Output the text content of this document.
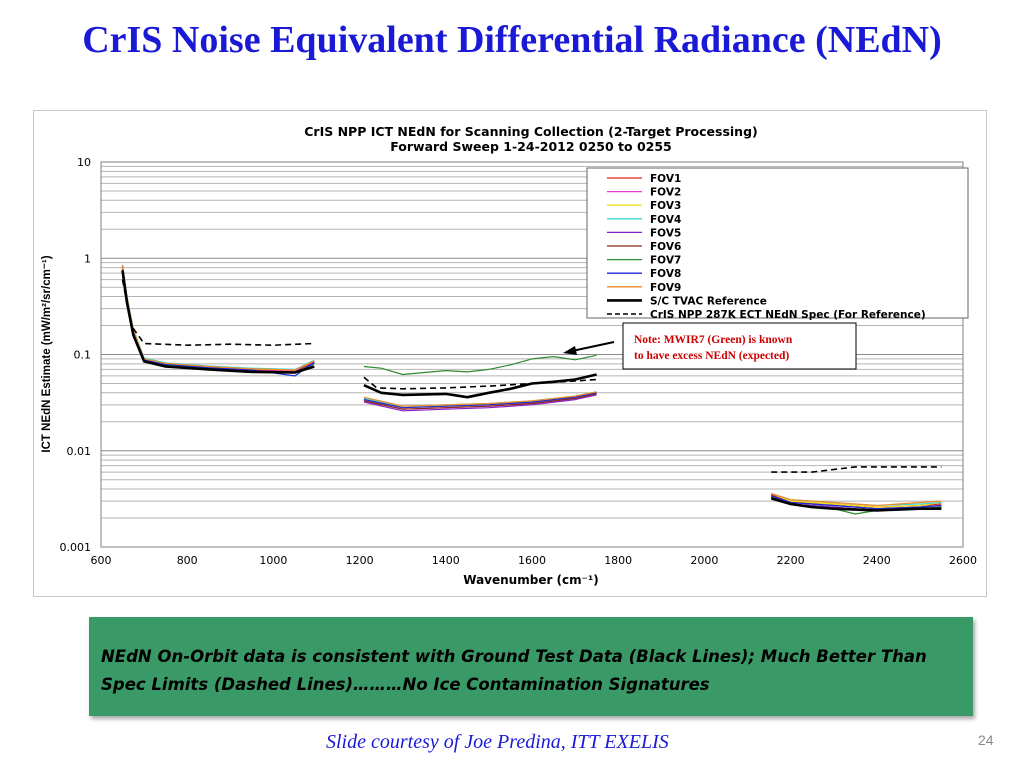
CrIS Noise Equivalent Differential Radiance (NEdN)
CrIS NPP ICT NEdN for Scanning Collection (2-Target Processing)
Forward Sweep 1-24-2012 0250 to 0255
600	800	1000	1200	1400	1600	1800	2000	2200	2400	2600
10
1
0.1
0.01
0.001
Wavenumber (cm⁻¹)
ICT NEdN Estimate (mW/m²/sr/cm⁻¹)
FOV1
FOV2
FOV3
FOV4
FOV5
FOV6
FOV7
FOV8
FOV9
S/C TVAC Reference
CrIS NPP 287K ECT NEdN Spec (For Reference)
Note: MWIR7 (Green) is known
to have excess NEdN (expected)
NEdN On-Orbit data is consistent with Ground Test Data (Black Lines); Much Better Than
Spec Limits (Dashed Lines)………No Ice Contamination Signatures
Slide courtesy of Joe Predina, ITT EXELIS	24
